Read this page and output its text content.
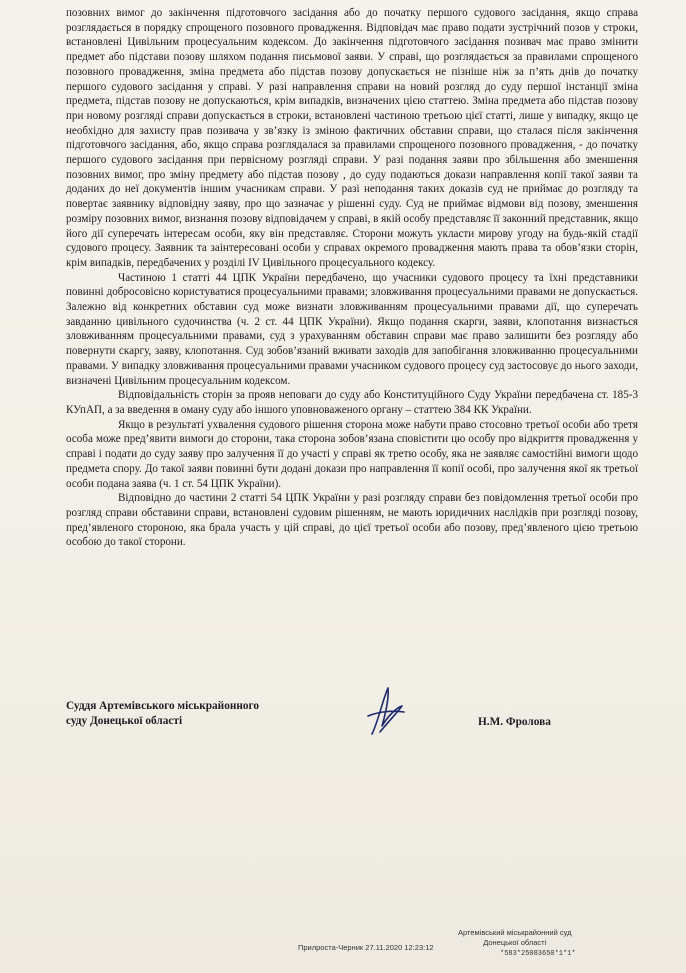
позовних вимог до закінчення підготовчого засідання або до початку першого судового засідання, якщо справа розглядається в порядку спрощеного позовного провадження. Відповідач має право подати зустрічний позов у строки, встановлені Цивільним процесуальним кодексом. До закінчення підготовчого засідання позивач має право змінити предмет або підстави позову шляхом подання письмової заяви. У справі, що розглядається за правилами спрощеного позовного провадження, зміна предмета або підстав позову допускається не пізніше ніж за п’ять днів до початку першого судового засідання у справі. У разі направлення справи на новий розгляд до суду першої інстанції зміна предмета, підстав позову не допускаються, крім випадків, визначених цією статтею. Зміна предмета або підстав позову при новому розгляді справи допускається в строки, встановлені частиною третьою цієї статті, лише у випадку, якщо це необхідно для захисту прав позивача у зв’язку із зміною фактичних обставин справи, що сталася після закінчення підготовчого засідання, або, якщо справа розглядалася за правилами спрощеного позовного провадження, - до початку першого судового засідання при первісному розгляді справи. У разі подання заяви про збільшення або зменшення позовних вимог, про зміну предмету або підстав позову , до суду подаються докази направлення копії такої заяви та доданих до неї документів іншим учасникам справи. У разі неподання таких доказів суд не приймає до розгляду та повертає заявнику відповідну заяву, про що зазначає у рішенні суду. Суд не приймає відмови від позову, зменшення розміру позовних вимог, визнання позову відповідачем у справі, в якій особу представляє її законний представник, якщо його дії суперечать інтересам особи, яку він представляє. Сторони можуть укласти мирову угоду на будь-якій стадії судового процесу. Заявник та заінтересовані особи у справах окремого провадження мають права та обов’язки сторін, крім випадків, передбачених у розділі IV Цивільного процесуального кодексу.

Частиною 1 статті 44 ЦПК України передбачено, що учасники судового процесу та їхні представники повинні добросовісно користуватися процесуальними правами; зловживання процесуальними правами не допускається. Залежно від конкретних обставин суд може визнати зловживанням процесуальними правами дії, що суперечать завданню цивільного судочинства (ч. 2 ст. 44 ЦПК України). Якщо подання скарги, заяви, клопотання визнається зловживанням процесуальними правами, суд з урахуванням обставин справи має право залишити без розгляду або повернути скаргу, заяву, клопотання. Суд зобов’язаний вживати заходів для запобігання зловживанню процесуальними правами. У випадку зловживання процесуальними правами учасником судового процесу суд застосовує до нього заходи, визначені Цивільним процесуальним кодексом.

Відповідальність сторін за прояв неповаги до суду або Конституційного Суду України передбачена ст. 185-3 КУпАП, а за введення в оману суду або іншого уповноваженого органу – статтею 384 КК України.

Якщо в результаті ухвалення судового рішення сторона може набути право стосовно третьої особи або третя особа може пред’явити вимоги до сторони, така сторона зобов’язана сповістити цю особу про відкриття провадження у справі і подати до суду заяву про залучення її до участі у справі як третю особу, яка не заявляє самостійні вимоги щодо предмета спору. До такої заяви повинні бути додані докази про направлення її копії особі, про залучення якої як третьої особи подана заява (ч. 1 ст. 54 ЦПК України).

Відповідно до частини 2 статті 54 ЦПК України у разі розгляду справи без повідомлення третьої особи про розгляд справи обставини справи, встановлені судовим рішенням, не мають юридичних наслідків при розгляді позову, пред’явленого стороною, яка брала участь у цій справі, до цієї третьої особи або позову, пред’явленого цією третьою особою до такої сторони.

Суддя Артемівського міськрайонного
суду Донецької області	Н.М. Фролова
Артемівський міськрайонний суд
Донецької області
Прилроста-Черник 27.11.2020 12:23:12
*583*25083650*1*1*
